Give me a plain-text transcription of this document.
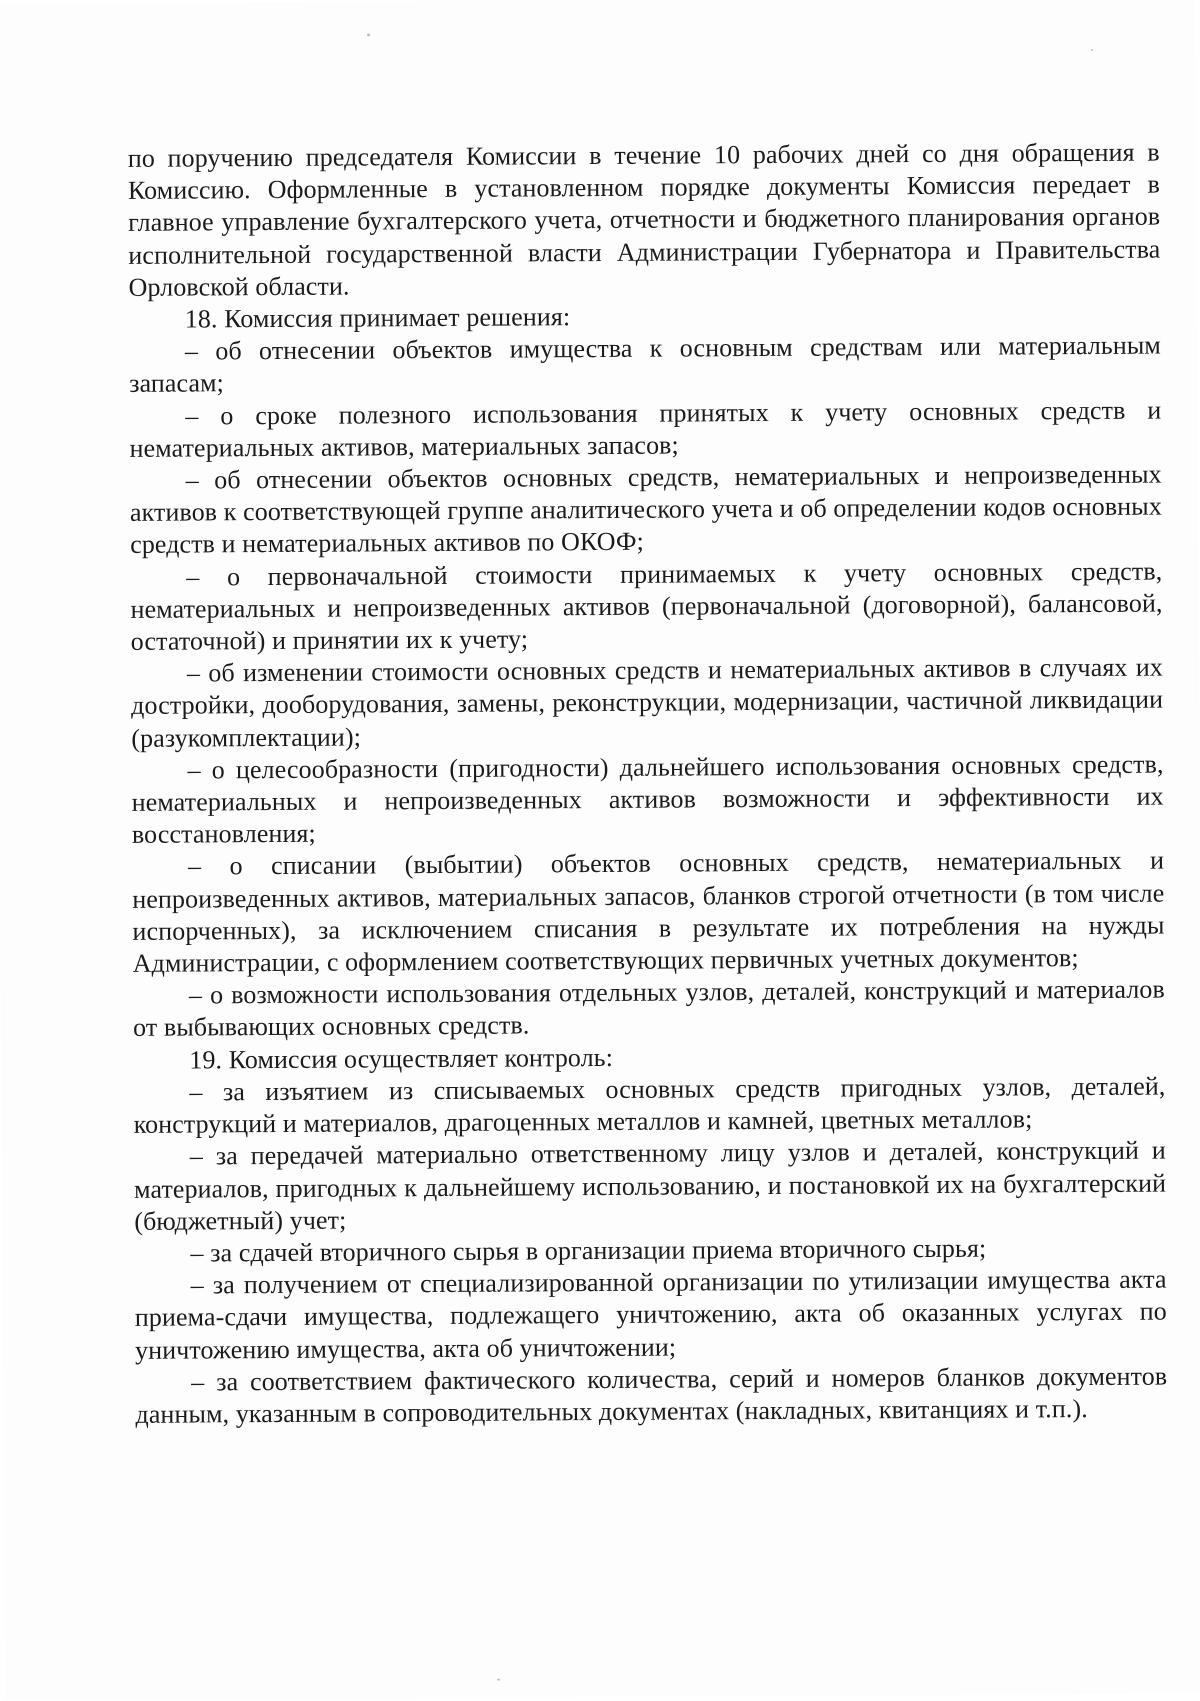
по поручению председателя Комиссии в течение 10 рабочих дней со дня обращения в Комиссию. Оформленные в установленном порядке документы Комиссия передает в главное управление бухгалтерского учета, отчетности и бюджетного планирования органов исполнительной государственной власти Администрации Губернатора и Правительства Орловской области.

18. Комиссия принимает решения:

– об отнесении объектов имущества к основным средствам или материальным запасам;

– о сроке полезного использования принятых к учету основных средств и нематериальных активов, материальных запасов;

– об отнесении объектов основных средств, нематериальных и непроизведенных активов к соответствующей группе аналитического учета и об определении кодов основных средств и нематериальных активов по ОКОФ;

– о первоначальной стоимости принимаемых к учету основных средств, нематериальных и непроизведенных активов (первоначальной (договорной), балансовой, остаточной) и принятии их к учету;

– об изменении стоимости основных средств и нематериальных активов в случаях их достройки, дооборудования, замены, реконструкции, модернизации, частичной ликвидации (разукомплектации);

– о целесообразности (пригодности) дальнейшего использования основных средств, нематериальных и непроизведенных активов возможности и эффективности их восстановления;

– о списании (выбытии) объектов основных средств, нематериальных и непроизведенных активов, материальных запасов, бланков строгой отчетности (в том числе испорченных), за исключением списания в результате их потребления на нужды Администрации, с оформлением соответствующих первичных учетных документов;

– о возможности использования отдельных узлов, деталей, конструкций и материалов от выбывающих основных средств.

19. Комиссия осуществляет контроль:

– за изъятием из списываемых основных средств пригодных узлов, деталей, конструкций и материалов, драгоценных металлов и камней, цветных металлов;

– за передачей материально ответственному лицу узлов и деталей, конструкций и материалов, пригодных к дальнейшему использованию, и постановкой их на бухгалтерский (бюджетный) учет;

– за сдачей вторичного сырья в организации приема вторичного сырья;

– за получением от специализированной организации по утилизации имущества акта приема-сдачи имущества, подлежащего уничтожению, акта об оказанных услугах по уничтожению имущества, акта об уничтожении;

– за соответствием фактического количества, серий и номеров бланков документов данным, указанным в сопроводительных документах (накладных, квитанциях и т.п.).
